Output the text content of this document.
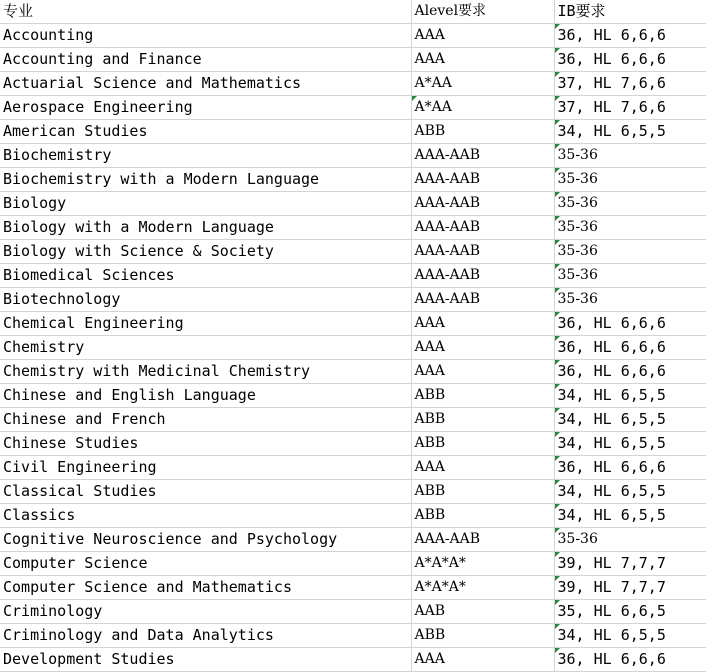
专业	Alevel要求	IB要求
Accounting	AAA	36, HL 6,6,6
Accounting and Finance	AAA	36, HL 6,6,6
Actuarial Science and Mathematics	A*AA	37, HL 7,6,6
Aerospace Engineering	A*AA	37, HL 7,6,6
American Studies	ABB	34, HL 6,5,5
Biochemistry	AAA-AAB	35-36
Biochemistry with a Modern Language	AAA-AAB	35-36
Biology	AAA-AAB	35-36
Biology with a Modern Language	AAA-AAB	35-36
Biology with Science & Society	AAA-AAB	35-36
Biomedical Sciences	AAA-AAB	35-36
Biotechnology	AAA-AAB	35-36
Chemical Engineering	AAA	36, HL 6,6,6
Chemistry	AAA	36, HL 6,6,6
Chemistry with Medicinal Chemistry	AAA	36, HL 6,6,6
Chinese and English Language	ABB	34, HL 6,5,5
Chinese and French	ABB	34, HL 6,5,5
Chinese Studies	ABB	34, HL 6,5,5
Civil Engineering	AAA	36, HL 6,6,6
Classical Studies	ABB	34, HL 6,5,5
Classics	ABB	34, HL 6,5,5
Cognitive Neuroscience and Psychology	AAA-AAB	35-36
Computer Science	A*A*A*	39, HL 7,7,7
Computer Science and Mathematics	A*A*A*	39, HL 7,7,7
Criminology	AAB	35, HL 6,6,5
Criminology and Data Analytics	ABB	34, HL 6,5,5
Development Studies	AAA	36, HL 6,6,6
